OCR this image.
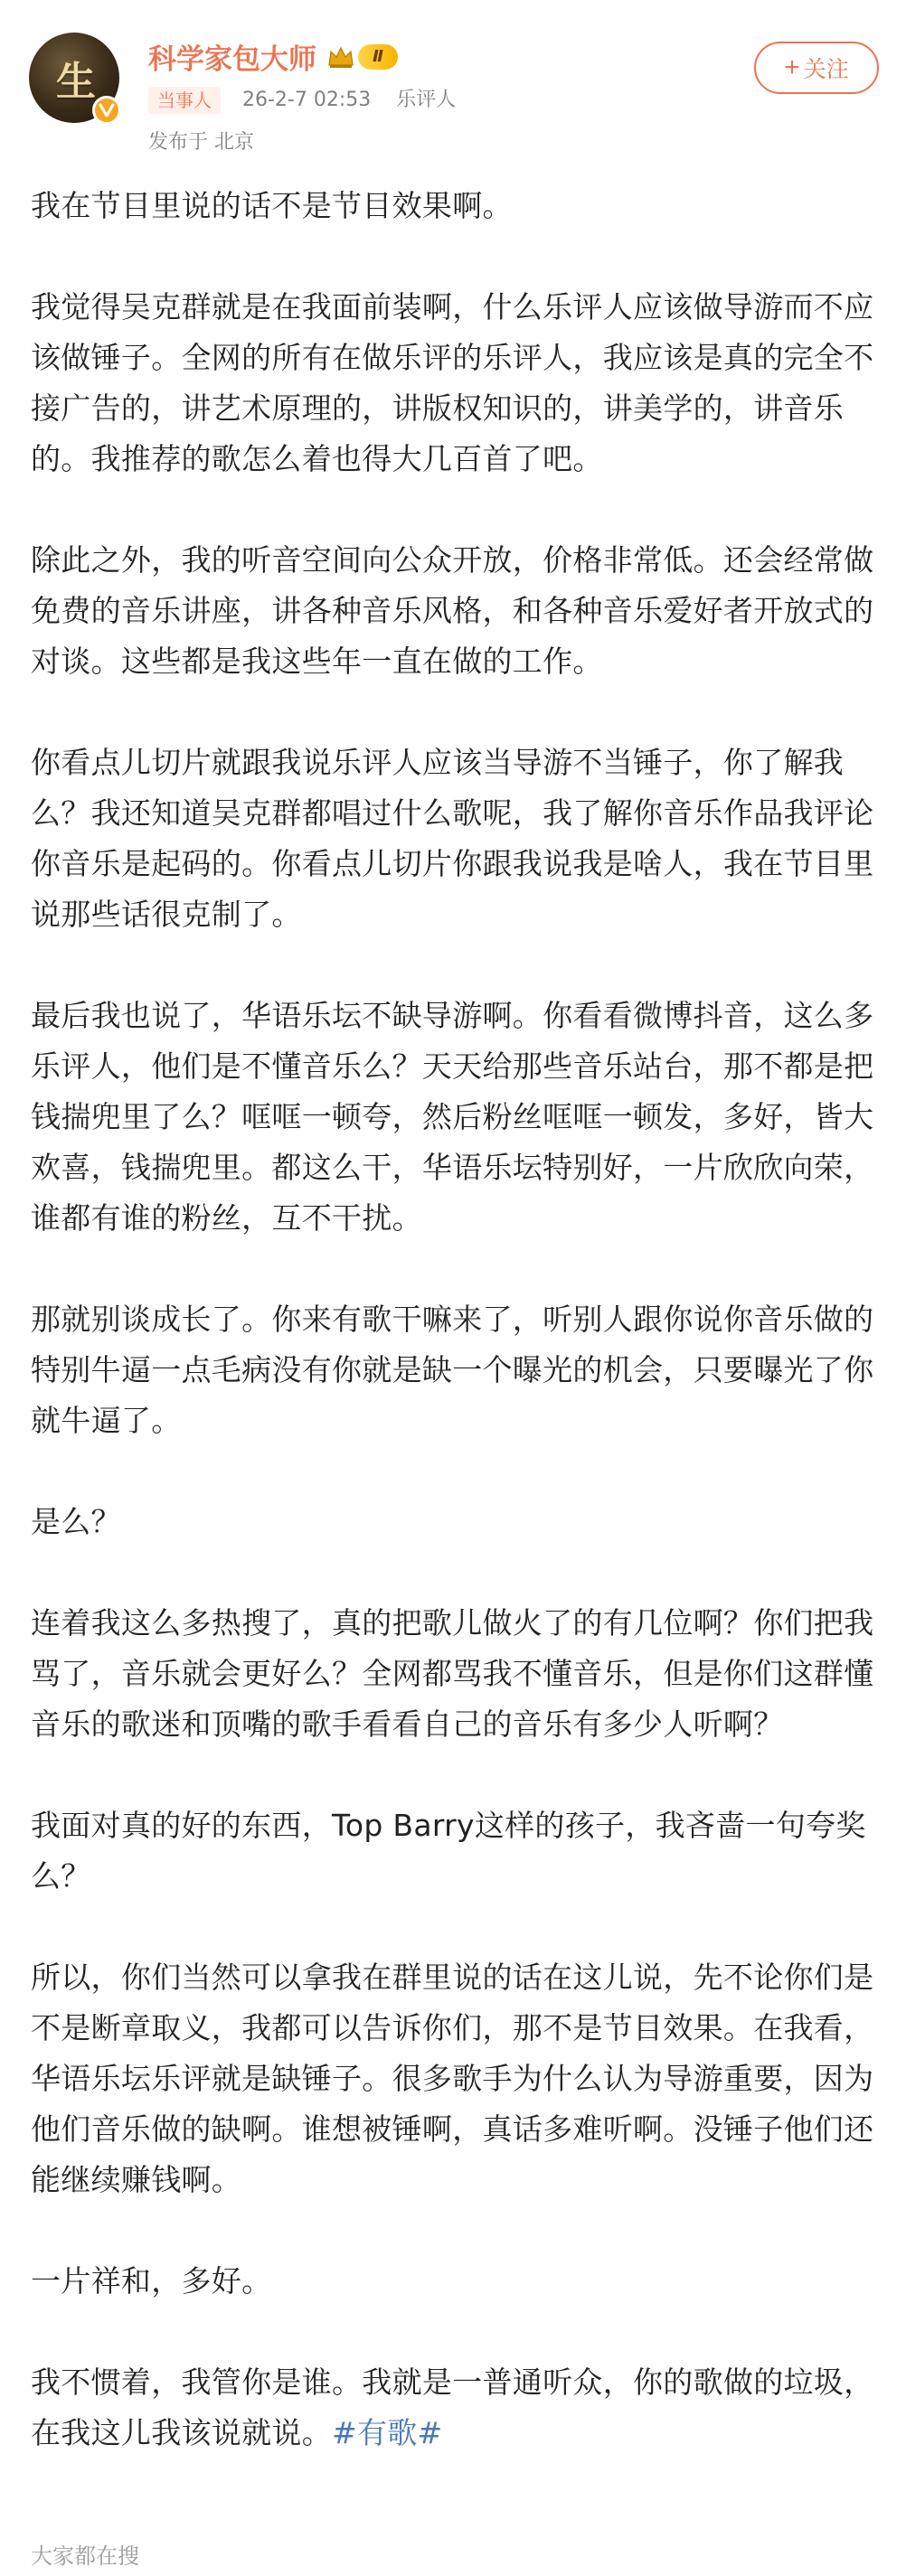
生 科学家包大师	Ⅱ
当事人	26-2-7 02:53 乐评人
发布于 北京
+ 关注

我在节目里说的话不是节目效果啊。

我觉得吴克群就是在我面前装啊，什么乐评人应该做导游而不应该做锤子。全网的所有在做乐评的乐评人，我应该是真的完全不接广告的，讲艺术原理的，讲版权知识的，讲美学的，讲音乐的。我推荐的歌怎么着也得大几百首了吧。

除此之外，我的听音空间向公众开放，价格非常低。还会经常做免费的音乐讲座，讲各种音乐风格，和各种音乐爱好者开放式的对谈。这些都是我这些年一直在做的工作。

你看点儿切片就跟我说乐评人应该当导游不当锤子，你了解我么？我还知道吴克群都唱过什么歌呢，我了解你音乐作品我评论你音乐是起码的。你看点儿切片你跟我说我是啥人，我在节目里说那些话很克制了。

最后我也说了，华语乐坛不缺导游啊。你看看微博抖音，这么多乐评人，他们是不懂音乐么？天天给那些音乐站台，那不都是把钱揣兜里了么？哐哐一顿夸，然后粉丝哐哐一顿发，多好，皆大欢喜，钱揣兜里。都这么干，华语乐坛特别好，一片欣欣向荣，谁都有谁的粉丝，互不干扰。

那就别谈成长了。你来有歌干嘛来了，听别人跟你说你音乐做的特别牛逼一点毛病没有你就是缺一个曝光的机会，只要曝光了你就牛逼了。

是么？

连着我这么多热搜了，真的把歌儿做火了的有几位啊？你们把我骂了，音乐就会更好么？全网都骂我不懂音乐，但是你们这群懂音乐的歌迷和顶嘴的歌手看看自己的音乐有多少人听啊？

我面对真的好的东西，Top Barry这样的孩子，我吝啬一句夸奖么？

所以，你们当然可以拿我在群里说的话在这儿说，先不论你们是不是断章取义，我都可以告诉你们，那不是节目效果。在我看，华语乐坛乐评就是缺锤子。很多歌手为什么认为导游重要，因为他们音乐做的缺啊。谁想被锤啊，真话多难听啊。没锤子他们还能继续赚钱啊。

一片祥和，多好。

我不惯着，我管你是谁。我就是一普通听众，你的歌做的垃圾，在我这儿我该说就说。#有歌#

大家都在搜
